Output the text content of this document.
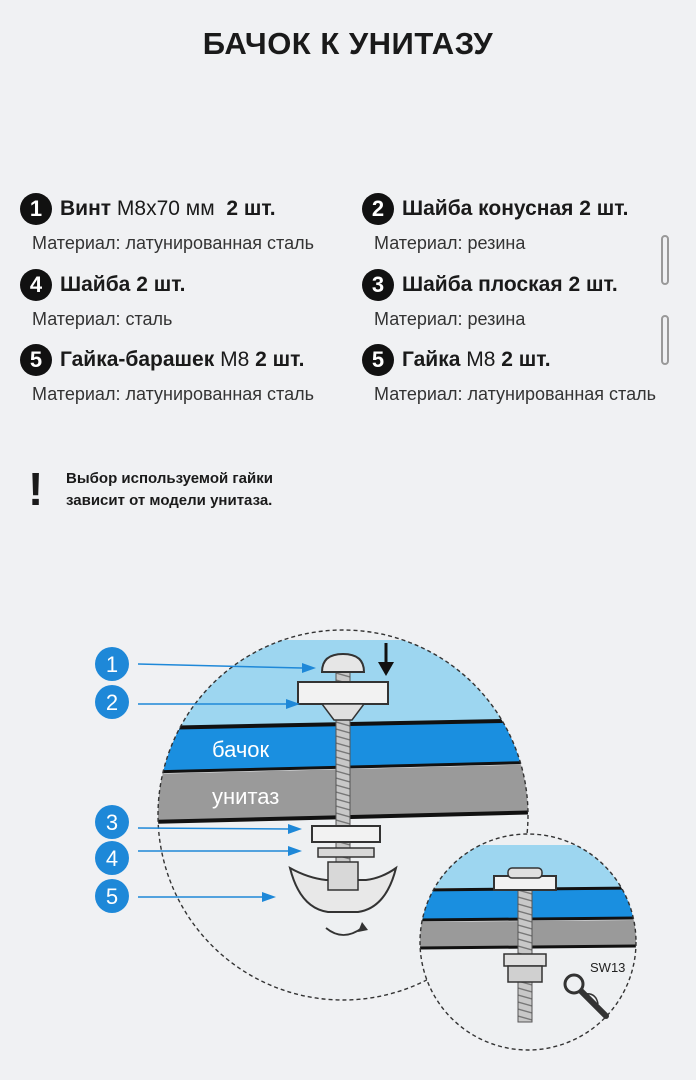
БАЧОК К УНИТАЗУ
1 Винт
М8х70 мм
2 шт.
Материал: латунированная сталь
2 Шайба конусная
2 шт.
Материал: резина
4 Шайба
2 шт.
Материал: сталь
3 Шайба плоская
2 шт.
Материал: резина
5 Гайка-барашек
М8
2 шт.
Материал: латунированная сталь
5 Гайка
М8
2 шт.
Материал: латунированная сталь
!	Выбор используемой гайки
зависит от модели унитаза.
бачок
унитаз
SW13
1
2
3
4
5
